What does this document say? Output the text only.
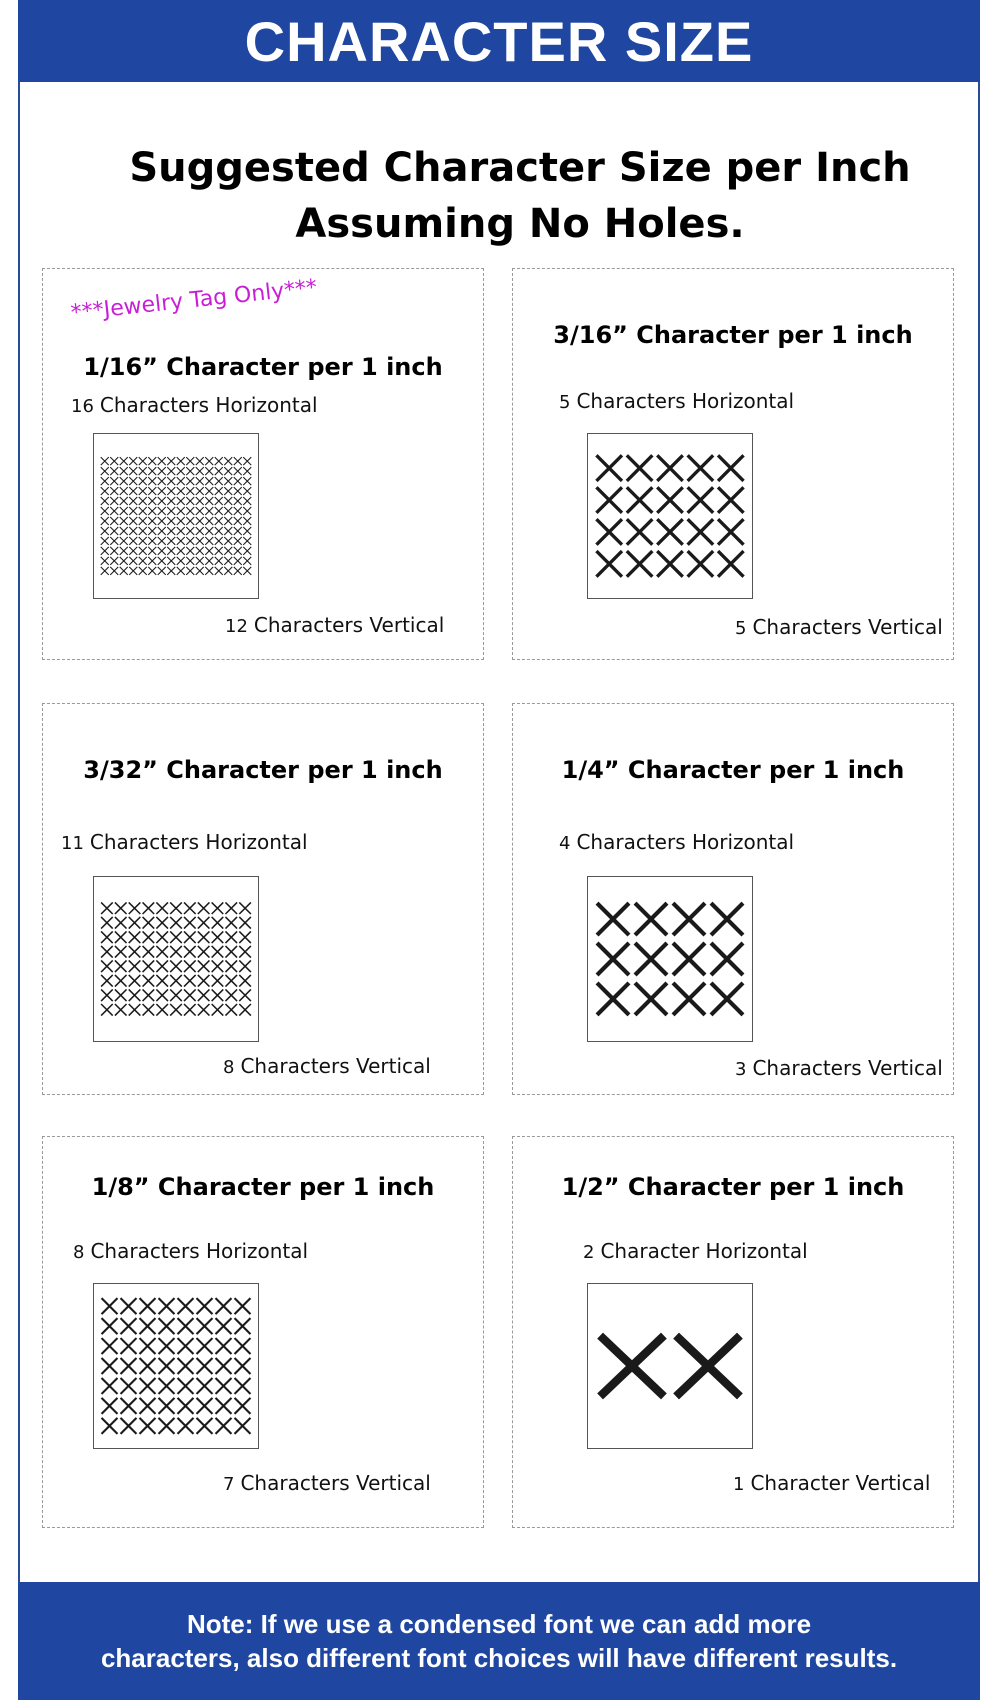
CHARACTER SIZE
Suggested Character Size per Inch
Assuming No Holes.
***Jewelry Tag Only***
1/16” Character per 1 inch
16 Characters Horizontal
12 Characters Vertical
3/16” Character per 1 inch
5 Characters Horizontal
5 Characters Vertical
3/32” Character per 1 inch
11 Characters Horizontal
8 Characters Vertical
1/4” Character per 1 inch
4 Characters Horizontal
3 Characters Vertical
1/8” Character per 1 inch
8 Characters Horizontal
7 Characters Vertical
1/2” Character per 1 inch
2 Character Horizontal
1 Character Vertical
Note: If we use a condensed font we can add more
characters, also different font choices will have different results.
